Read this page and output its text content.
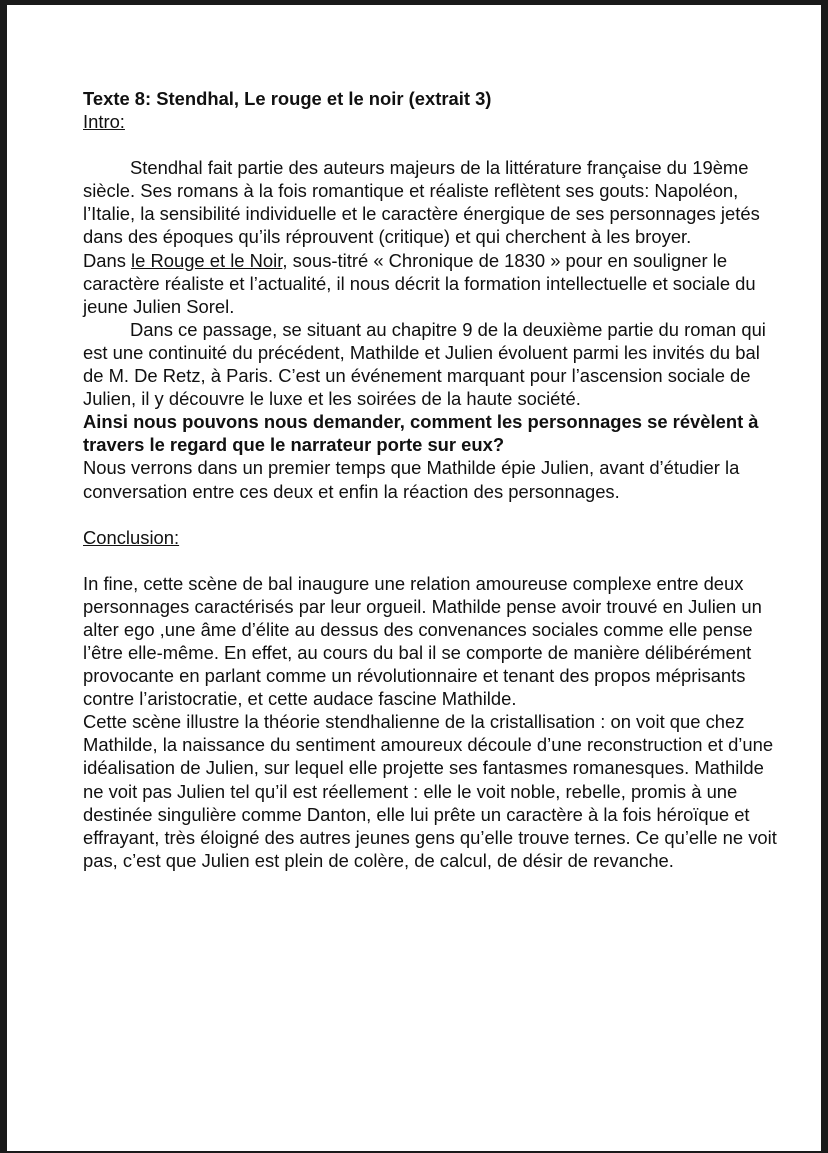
Texte 8: Stendhal, Le rouge et le noir (extrait 3)

Intro:

Stendhal fait partie des auteurs majeurs de la littérature française du 19ème siècle. Ses romans à la fois romantique et réaliste reflètent ses gouts: Napoléon, l’Italie, la sensibilité individuelle et le caractère énergique de ses personnages jetés dans des époques qu’ils réprouvent (critique) et qui cherchent à les broyer.

Dans le Rouge et le Noir, sous-titré « Chronique de 1830 » pour en souligner le caractère réaliste et l’actualité, il nous décrit la formation intellectuelle et sociale du jeune Julien Sorel.

Dans ce passage, se situant au chapitre 9 de la deuxième partie du roman qui est une continuité du précédent, Mathilde et Julien évoluent parmi les invités du bal de M. De Retz, à Paris. C’est un événement marquant pour l’ascension sociale de Julien, il y découvre le luxe et les soirées de la haute société.

Ainsi nous pouvons nous demander, comment les personnages se révèlent à travers le regard que le narrateur porte sur eux?

Nous verrons dans un premier temps que Mathilde épie Julien, avant d’étudier la conversation entre ces deux et enfin la réaction des personnages.

Conclusion:

In fine, cette scène de bal inaugure une relation amoureuse complexe entre deux personnages caractérisés par leur orgueil. Mathilde pense avoir trouvé en Julien un alter ego ,une âme d’élite au dessus des convenances sociales comme elle pense l’être elle-même. En effet, au cours du bal il se comporte de manière délibérément provocante en parlant comme un révolutionnaire et tenant des propos méprisants contre l’aristocratie, et cette audace fascine Mathilde.

Cette scène illustre la théorie stendhalienne de la cristallisation : on voit que chez Mathilde, la naissance du sentiment amoureux découle d’une reconstruction et d’une idéalisation de Julien, sur lequel elle projette ses fantasmes romanesques. Mathilde ne voit pas Julien tel qu’il est réellement : elle le voit noble, rebelle, promis à une destinée singulière comme Danton, elle lui prête un caractère à la fois héroïque et effrayant, très éloigné des autres jeunes gens qu’elle trouve ternes. Ce qu’elle ne voit pas, c’est que Julien est plein de colère, de calcul, de désir de revanche.
